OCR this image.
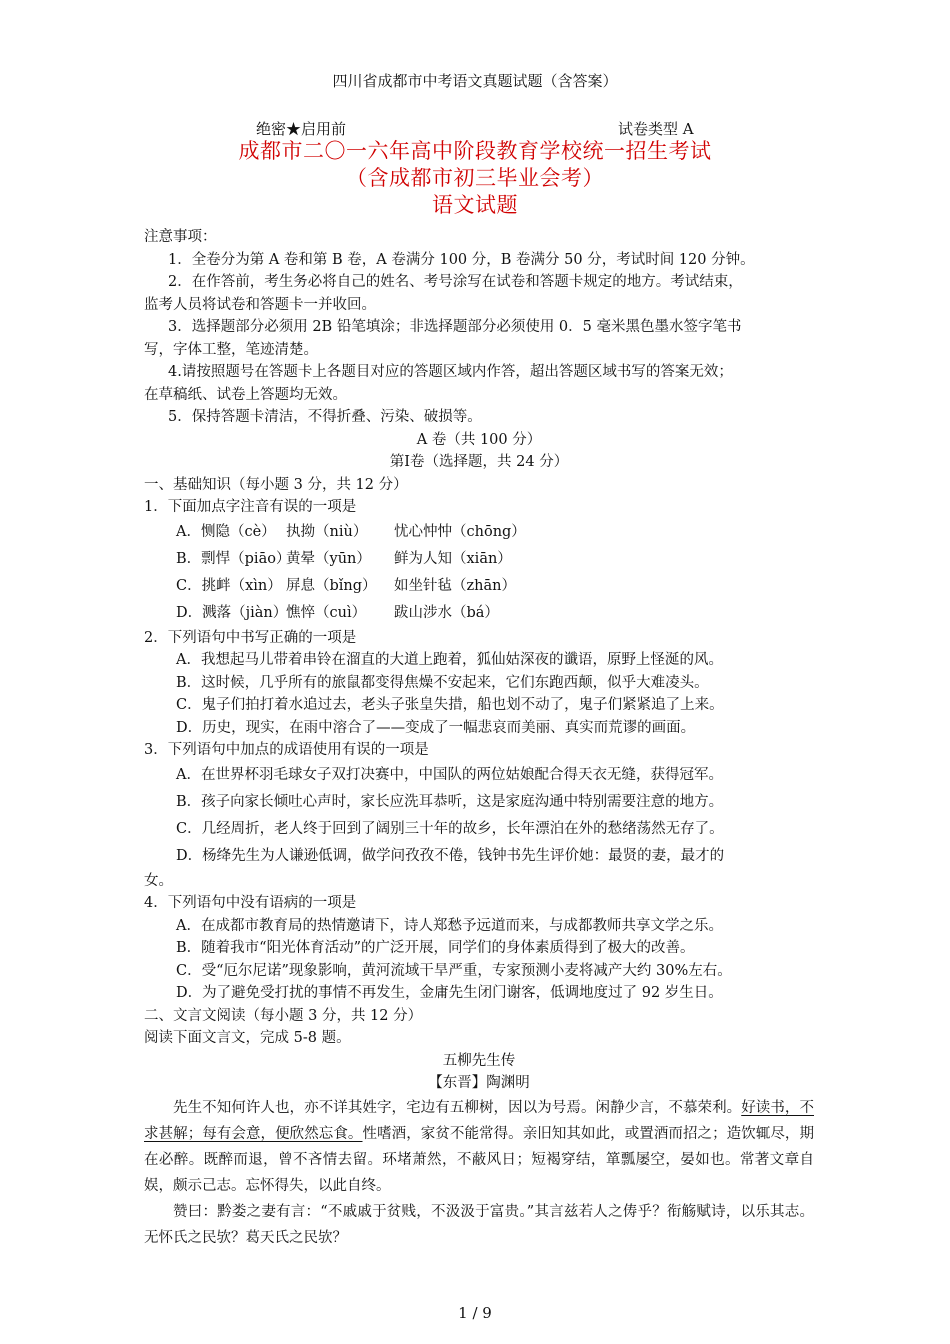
四川省成都市中考语文真题试题（含答案）
绝密★启用前	试卷类型 A
成都市二〇一六年高中阶段教育学校统一招生考试
（含成都市初三毕业会考）
语文试题
注意事项：
1．全卷分为第 A 卷和第 B 卷，A 卷满分 100 分，B 卷满分 50 分，考试时间 120 分钟。
2．在作答前，考生务必将自己的姓名、考号涂写在试卷和答题卡规定的地方。考试结束，
监考人员将试卷和答题卡一并收回。
3．选择题部分必须用 2B 铅笔填涂；非选择题部分必须使用 0．5 毫米黑色墨水签字笔书
写，字体工整，笔迹清楚。
4.请按照题号在答题卡上各题目对应的答题区域内作答，超出答题区域书写的答案无效；
在草稿纸、试卷上答题均无效。
5．保持答题卡清洁，不得折叠、污染、破损等。
A 卷（共 100 分）
第Ⅰ卷（选择题，共 24 分）
一、基础知识（每小题 3 分，共 12 分）
1．下面加点字注音有误的一项是
A．恻隐（cè） 执拗（niù） 忧心忡忡（chōng）
B．剽悍（piāo）黄晕（yūn） 鲜为人知（xiān）
C．挑衅（xìn） 屏息（bǐng） 如坐针毡（zhān）
D．溅落（jiàn）憔悴（cuì） 跋山涉水（bá）
2．下列语句中书写正确的一项是
A．我想起马儿带着串铃在溜直的大道上跑着，狐仙姑深夜的谶语，原野上怪涎的风。
B．这时候，几乎所有的旅鼠都变得焦燥不安起来，它们东跑西颠，似乎大难凌头。
C．鬼子们拍打着水追过去，老头子张皇失措，船也划不动了，鬼子们紧紧追了上来。
D．历史，现实，在雨中溶合了——变成了一幅悲哀而美丽、真实而荒谬的画面。
3．下列语句中加点的成语使用有误的一项是
A．在世界杯羽毛球女子双打决赛中，中国队的两位姑娘配合得天衣无缝，获得冠军。
B．孩子向家长倾吐心声时，家长应洗耳恭听，这是家庭沟通中特别需要注意的地方。
C．几经周折，老人终于回到了阔别三十年的故乡，长年漂泊在外的愁绪荡然无存了。
D．杨绛先生为人谦逊低调，做学问孜孜不倦，钱钟书先生评价她：最贤的妻，最才的
女。
4．下列语句中没有语病的一项是
A．在成都市教育局的热情邀请下，诗人郑愁予远道而来，与成都教师共享文学之乐。
B．随着我市“阳光体育活动”的广泛开展，同学们的身体素质得到了极大的改善。
C．受“厄尔尼诺”现象影响，黄河流域干旱严重，专家预测小麦将减产大约 30%左右。
D．为了避免受打扰的事情不再发生，金庸先生闭门谢客，低调地度过了 92 岁生日。
二、文言文阅读（每小题 3 分，共 12 分）
阅读下面文言文，完成 5-8 题。
五柳先生传
【东晋】陶渊明
先生不知何许人也，亦不详其姓字，宅边有五柳树，因以为号焉。闲静少言，不慕荣利。好读书，不求甚解；每有会意，便欣然忘食。性嗜酒，家贫不能常得。亲旧知其如此，或置酒而招之；造饮辄尽，期在必醉。既醉而退，曾不吝情去留。环堵萧然，不蔽风日；短褐穿结，箪瓢屡空，晏如也。常著文章自娱，颇示己志。忘怀得失，以此自终。
赞曰：黔娄之妻有言：“不戚戚于贫贱，不汲汲于富贵。”其言兹若人之俦乎？衔觞赋诗，以乐其志。无怀氏之民欤？葛天氏之民欤？
1 / 9
